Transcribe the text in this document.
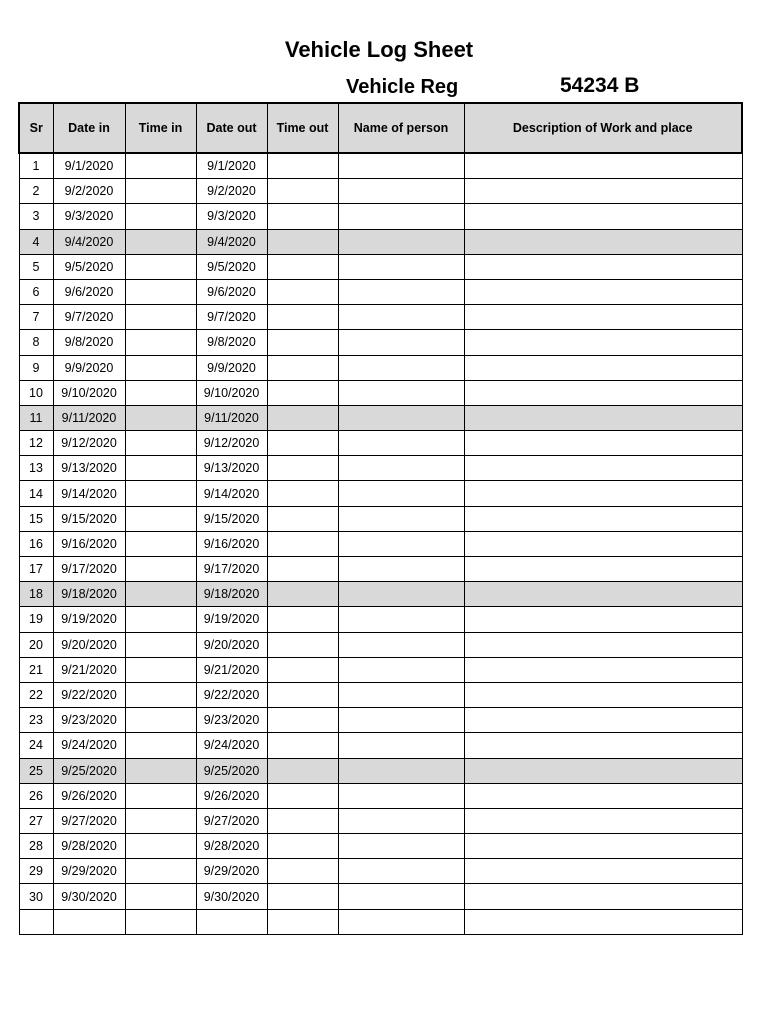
Vehicle Log Sheet
Vehicle Reg	54234 B
Sr	Date in	Time in	Date out	Time out	Name of person	Description of Work and place
1	9/1/2020		9/1/2020			
2	9/2/2020		9/2/2020			
3	9/3/2020		9/3/2020			
4	9/4/2020		9/4/2020			
5	9/5/2020		9/5/2020			
6	9/6/2020		9/6/2020			
7	9/7/2020		9/7/2020			
8	9/8/2020		9/8/2020			
9	9/9/2020		9/9/2020			
10	9/10/2020		9/10/2020			
11	9/11/2020		9/11/2020			
12	9/12/2020		9/12/2020			
13	9/13/2020		9/13/2020			
14	9/14/2020		9/14/2020			
15	9/15/2020		9/15/2020			
16	9/16/2020		9/16/2020			
17	9/17/2020		9/17/2020			
18	9/18/2020		9/18/2020			
19	9/19/2020		9/19/2020			
20	9/20/2020		9/20/2020			
21	9/21/2020		9/21/2020			
22	9/22/2020		9/22/2020			
23	9/23/2020		9/23/2020			
24	9/24/2020		9/24/2020			
25	9/25/2020		9/25/2020			
26	9/26/2020		9/26/2020			
27	9/27/2020		9/27/2020			
28	9/28/2020		9/28/2020			
29	9/29/2020		9/29/2020			
30	9/30/2020		9/30/2020			
